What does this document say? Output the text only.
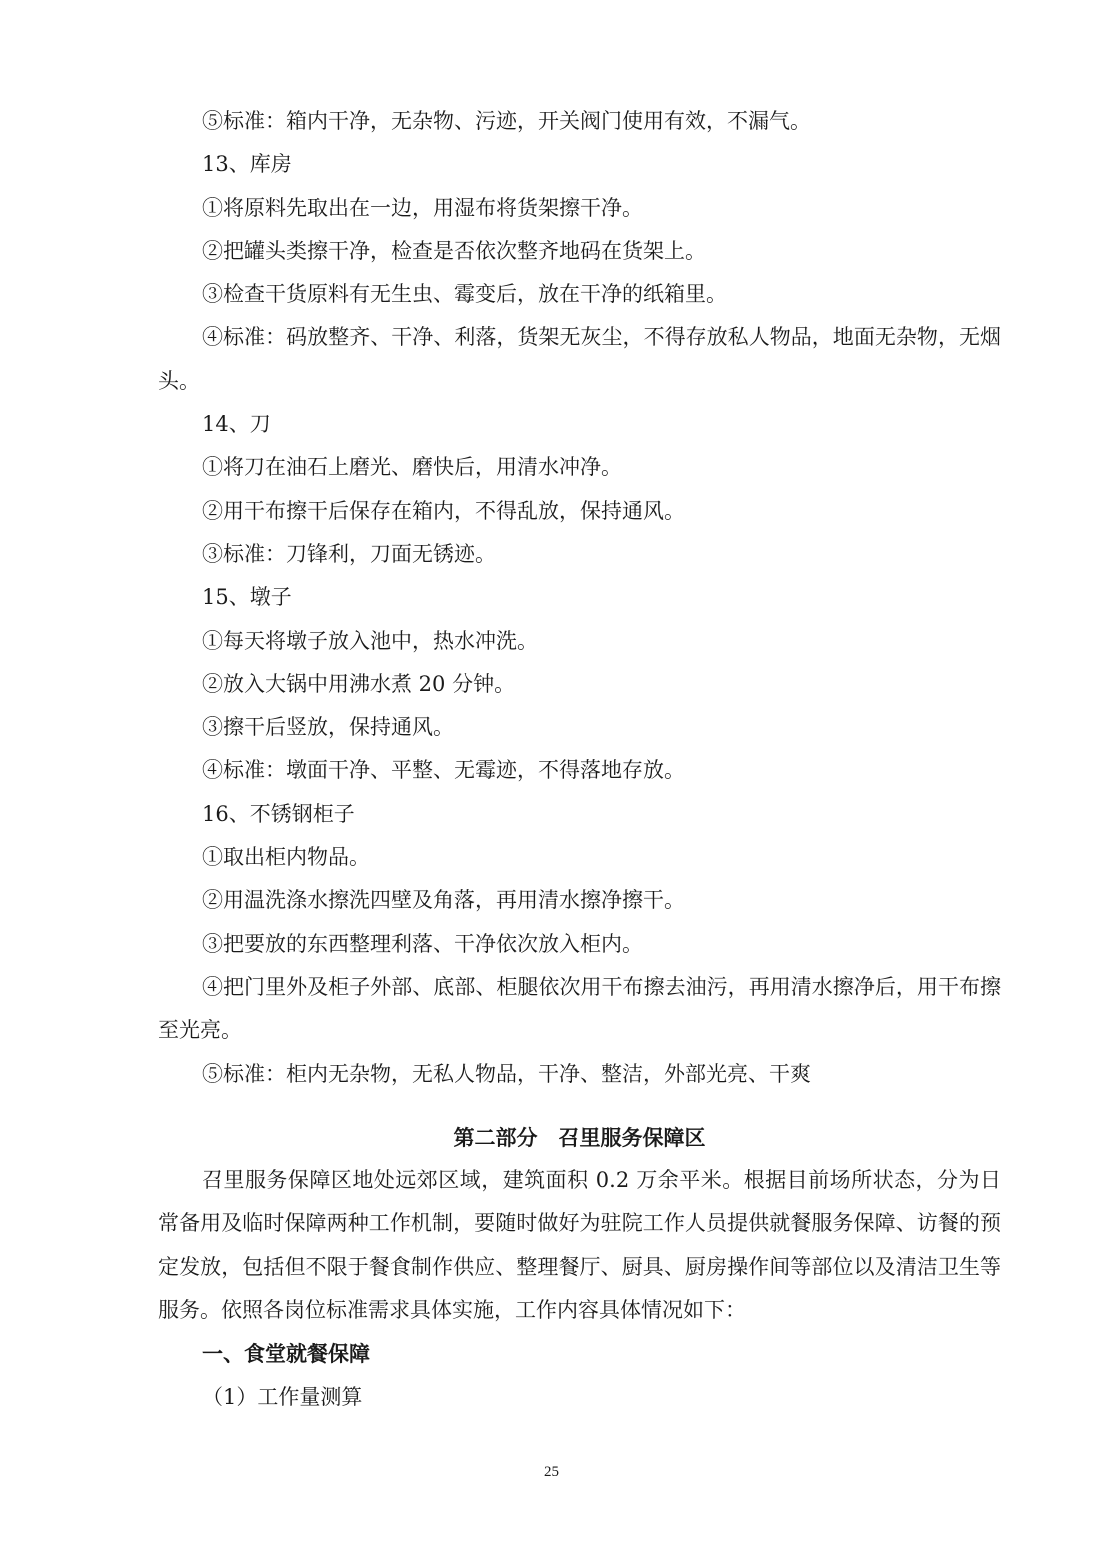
⑤标准：箱内干净，无杂物、污迹，开关阀门使用有效，不漏气。

13、库房

①将原料先取出在一边，用湿布将货架擦干净。

②把罐头类擦干净，检查是否依次整齐地码在货架上。

③检查干货原料有无生虫、霉变后，放在干净的纸箱里。

④标准：码放整齐、干净、利落，货架无灰尘，不得存放私人物品，地面无杂物，无烟头。

14、刀

①将刀在油石上磨光、磨快后，用清水冲净。

②用干布擦干后保存在箱内，不得乱放，保持通风。

③标准：刀锋利，刀面无锈迹。

15、墩子

①每天将墩子放入池中，热水冲洗。

②放入大锅中用沸水煮 20 分钟。

③擦干后竖放，保持通风。

④标准：墩面干净、平整、无霉迹，不得落地存放。

16、不锈钢柜子

①取出柜内物品。

②用温洗涤水擦洗四壁及角落，再用清水擦净擦干。

③把要放的东西整理利落、干净依次放入柜内。

④把门里外及柜子外部、底部、柜腿依次用干布擦去油污，再用清水擦净后，用干布擦至光亮。

⑤标准：柜内无杂物，无私人物品，干净、整洁，外部光亮、干爽

第二部分　召里服务保障区

召里服务保障区地处远郊区域，建筑面积 0.2 万余平米。根据目前场所状态，分为日常备用及临时保障两种工作机制，要随时做好为驻院工作人员提供就餐服务保障、访餐的预定发放，包括但不限于餐食制作供应、整理餐厅、厨具、厨房操作间等部位以及清洁卫生等服务。依照各岗位标准需求具体实施，工作内容具体情况如下：

一、食堂就餐保障

（1）工作量测算

25
